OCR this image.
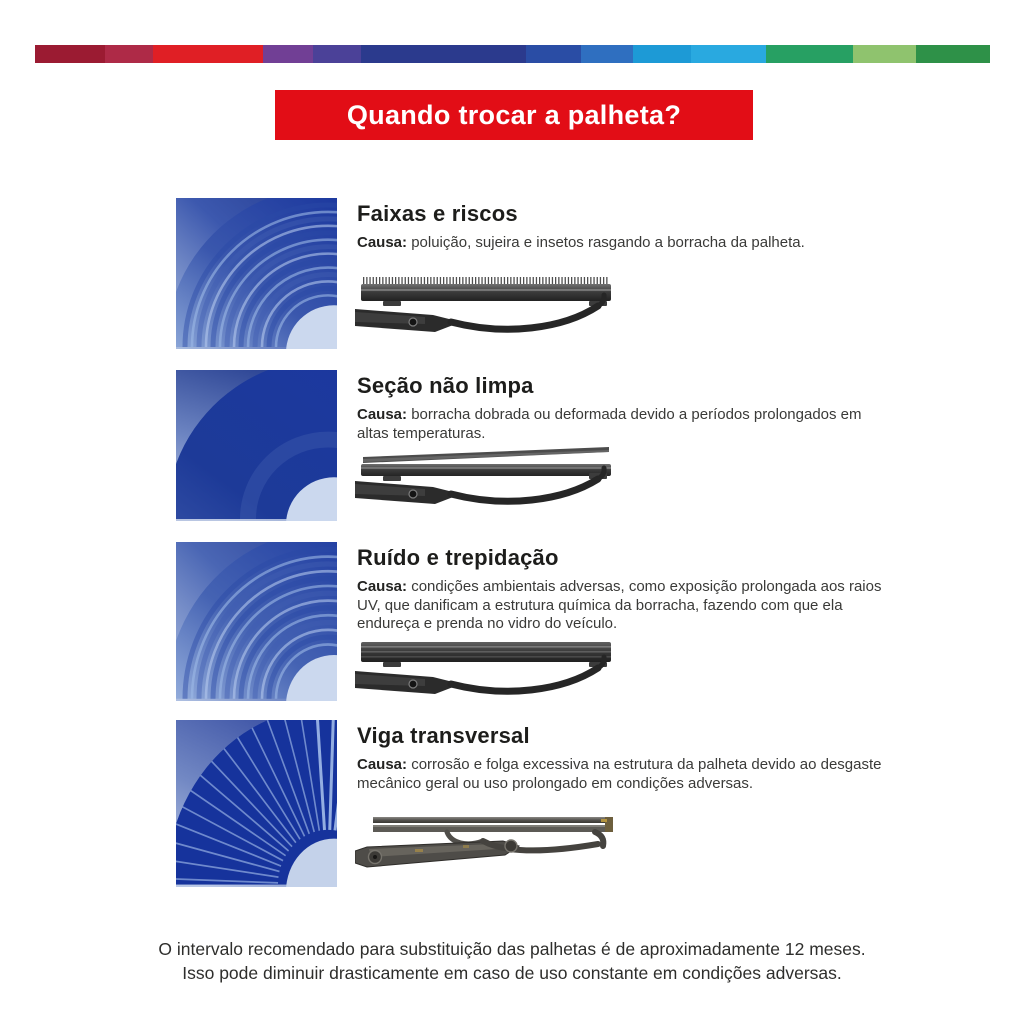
Quando trocar a palheta?
Faixas e riscos

Causa: poluição, sujeira e insetos rasgando a borracha da palheta.

Seção não limpa

Causa: borracha dobrada ou deformada devido a períodos prolongados em altas temperaturas.

Ruído e trepidação

Causa: condições ambientais adversas, como exposição prolongada aos raios UV, que danificam a estrutura química da borracha, fazendo com que ela endureça e prenda no vidro do veículo.

Viga transversal

Causa: corrosão e folga excessiva na estrutura da palheta devido ao desgaste mecânico geral ou uso prolongado em condições adversas.

O intervalo recomendado para substituição das palhetas é de aproximadamente 12 meses.
Isso pode diminuir drasticamente em caso de uso constante em condições adversas.
